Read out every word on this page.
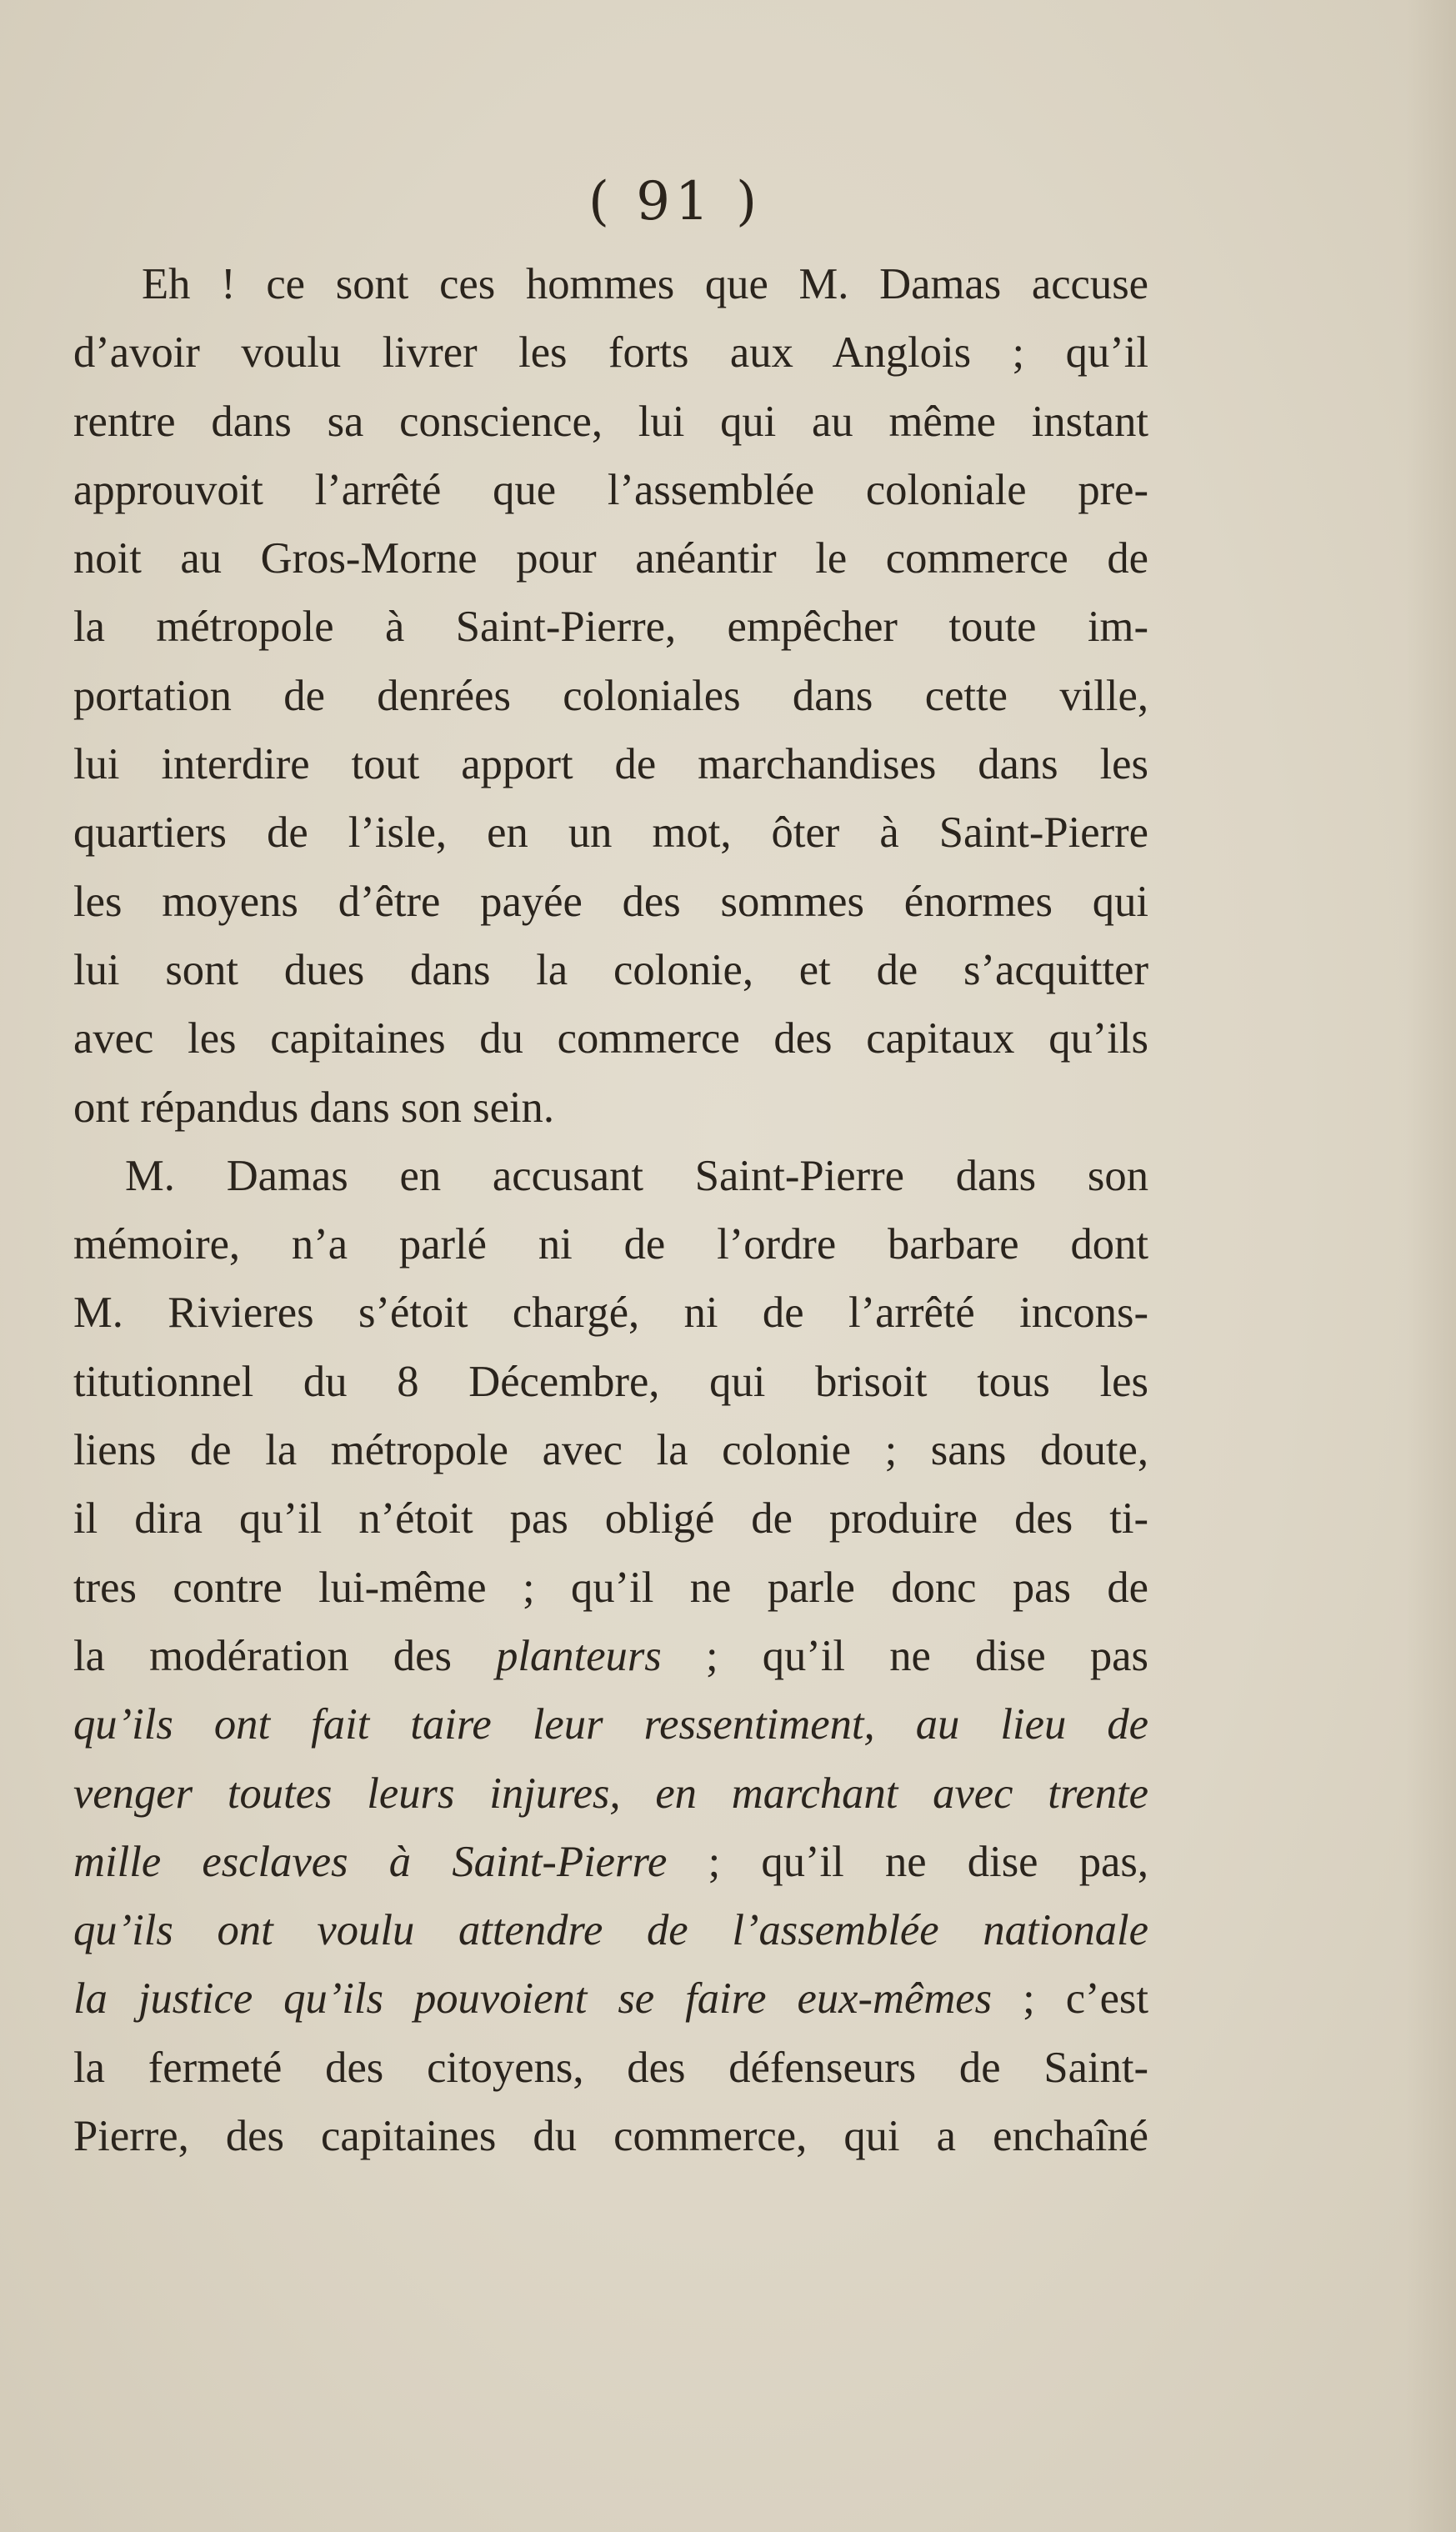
( 91 )
Eh ! ce sont ces hommes que M. Damas accuse
d’avoir voulu livrer les forts aux Anglois ; qu’il
rentre dans sa conscience, lui qui au même instant
approuvoit l’arrêté que l’assemblée coloniale pre-
noit au Gros-Morne pour anéantir le commerce de
la métropole à Saint-Pierre, empêcher toute im-
portation de denrées coloniales dans cette ville,
lui interdire tout apport de marchandises dans les
quartiers de l’isle, en un mot, ôter à Saint-Pierre
les moyens d’être payée des sommes énormes qui
lui sont dues dans la colonie, et de s’acquitter
avec les capitaines du commerce des capitaux qu’ils
ont répandus dans son sein.
M. Damas en accusant Saint-Pierre dans son
mémoire, n’a parlé ni de l’ordre barbare dont
M. Rivieres s’étoit chargé, ni de l’arrêté incons-
titutionnel du 8 Décembre, qui brisoit tous les
liens de la métropole avec la colonie ; sans doute,
il dira qu’il n’étoit pas obligé de produire des ti-
tres contre lui-même ; qu’il ne parle donc pas de
la modération des planteurs ; qu’il ne dise pas
qu’ils ont fait taire leur ressentiment, au lieu de
venger toutes leurs injures, en marchant avec trente
mille esclaves à Saint-Pierre ; qu’il ne dise pas,
qu’ils ont voulu attendre de l’assemblée nationale
la justice qu’ils pouvoient se faire eux-mêmes ; c’est
la fermeté des citoyens, des défenseurs de Saint-
Pierre, des capitaines du commerce, qui a enchaîné
